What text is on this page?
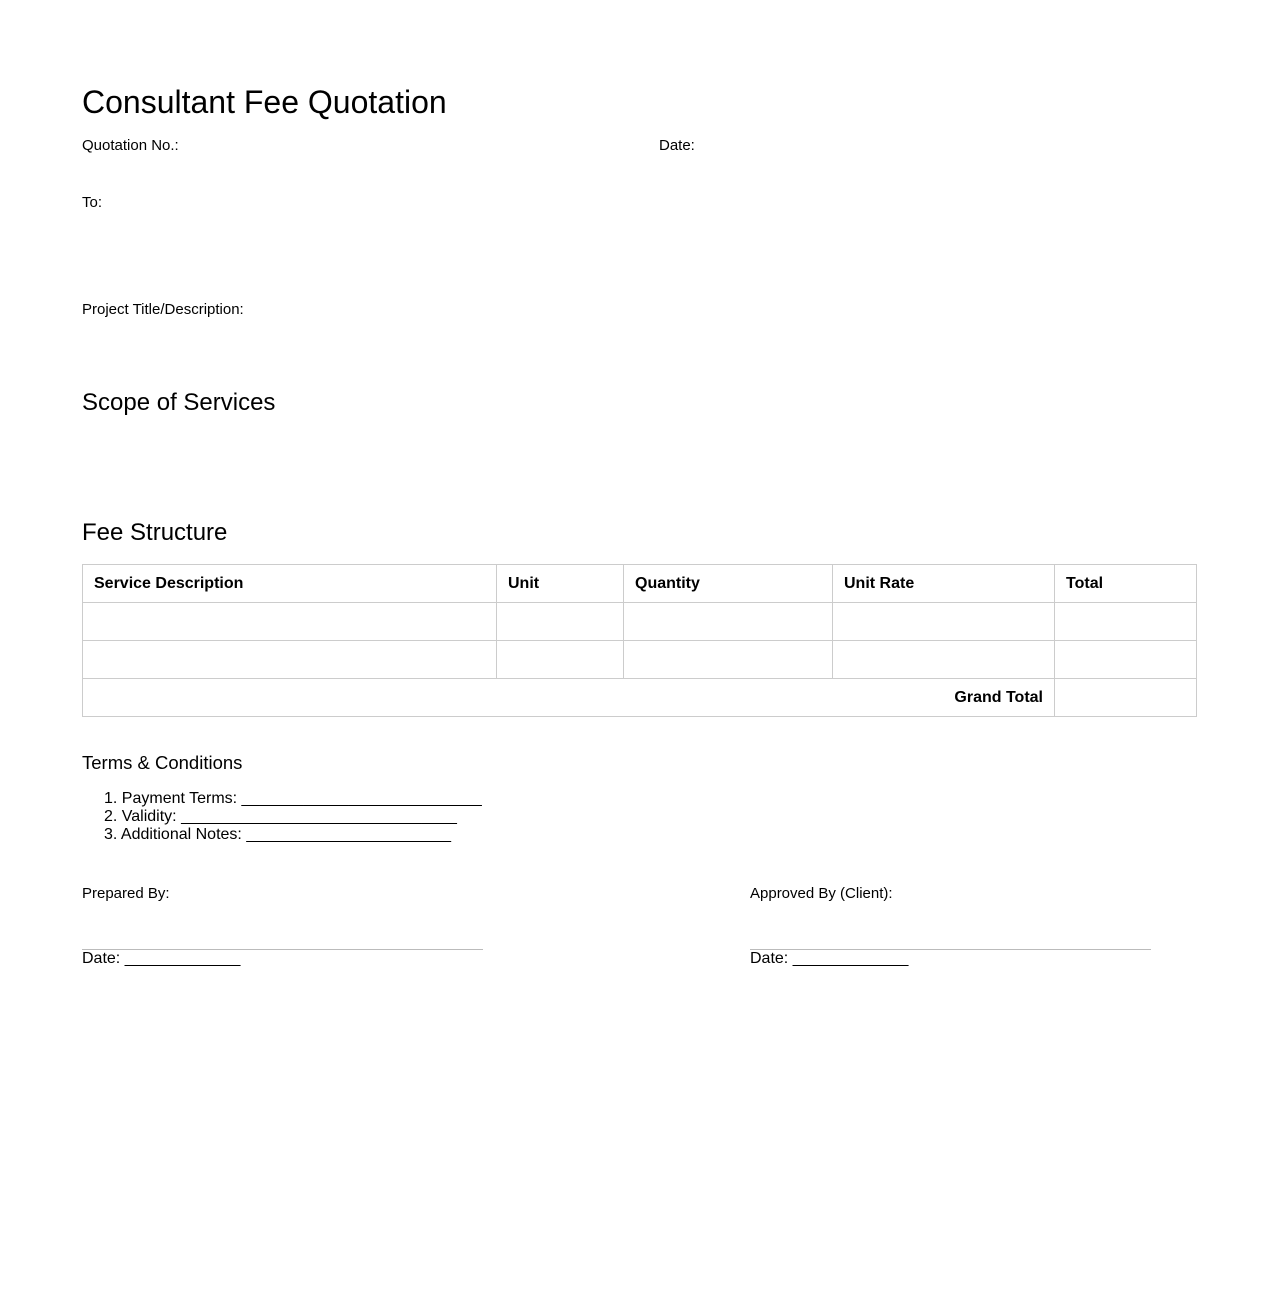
Consultant Fee Quotation
Quotation No.:	Date:
To:
Project Title/Description:
Scope of Services
Fee Structure
Service Description	Unit	Quantity	Unit Rate	Total

Grand Total				
Terms & Conditions
1. Payment Terms: ___________________________
2. Validity: _______________________________
3. Additional Notes: _______________________
Prepared By:
Date: _____________
Approved By (Client):
Date: _____________
